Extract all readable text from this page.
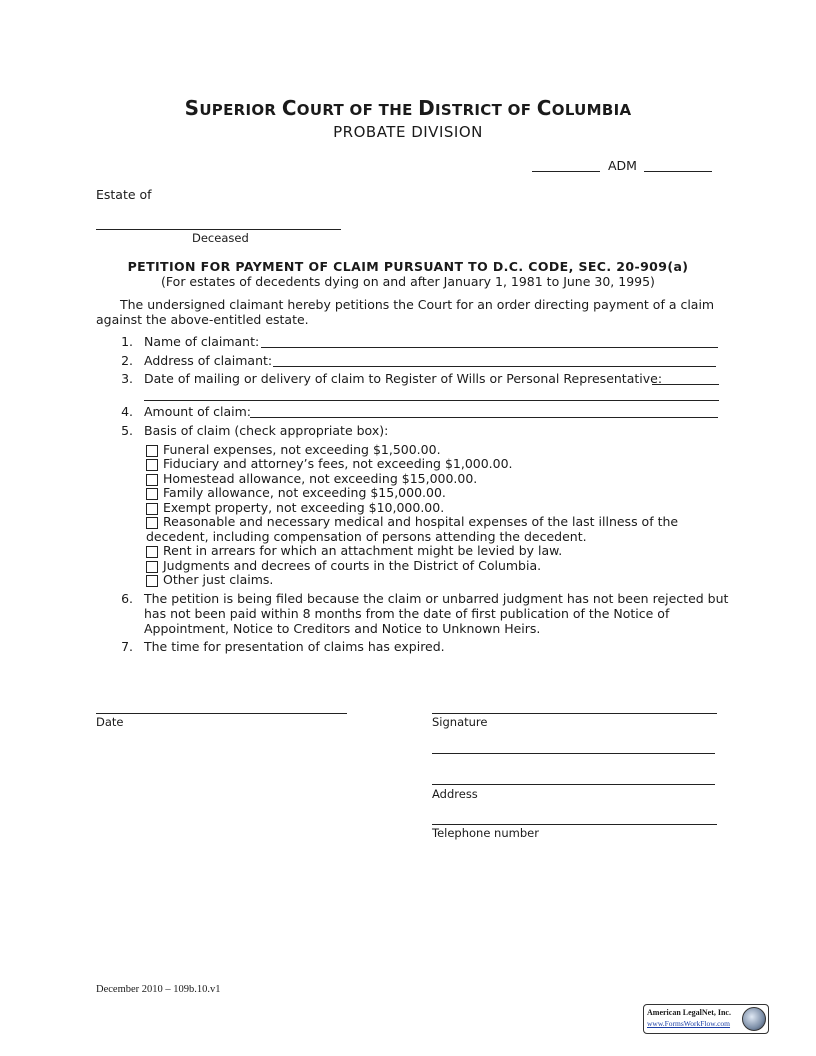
SUPERIOR COURT OF THE DISTRICT OF COLUMBIA
PROBATE DIVISION
ADM
Estate of
Deceased
PETITION FOR PAYMENT OF CLAIM PURSUANT TO D.C. CODE, SEC. 20-909(a)
(For estates of decedents dying on and after January 1, 1981 to June 30, 1995)
The undersigned claimant hereby petitions the Court for an order directing payment of a claim
against the above-entitled estate.
1. Name of claimant:
2. Address of claimant:
3. Date of mailing or delivery of claim to Register of Wills or Personal Representative:
4. Amount of claim:
5. Basis of claim (check appropriate box):
Funeral expenses, not exceeding $1,500.00.
Fiduciary and attorney’s fees, not exceeding $1,000.00.
Homestead allowance, not exceeding $15,000.00.
Family allowance, not exceeding $15,000.00.
Exempt property, not exceeding $10,000.00.
Reasonable and necessary medical and hospital expenses of the last illness of the
decedent, including compensation of persons attending the decedent.
Rent in arrears for which an attachment might be levied by law.
Judgments and decrees of courts in the District of Columbia.
Other just claims.
6. The petition is being filed because the claim or unbarred judgment has not been rejected but
has not been paid within 8 months from the date of first publication of the Notice of
Appointment, Notice to Creditors and Notice to Unknown Heirs.
7. The time for presentation of claims has expired.
Date	Signature
Address
Telephone number
December 2010 – 109b.10.v1
American LegalNet, Inc.
www.FormsWorkFlow.com
